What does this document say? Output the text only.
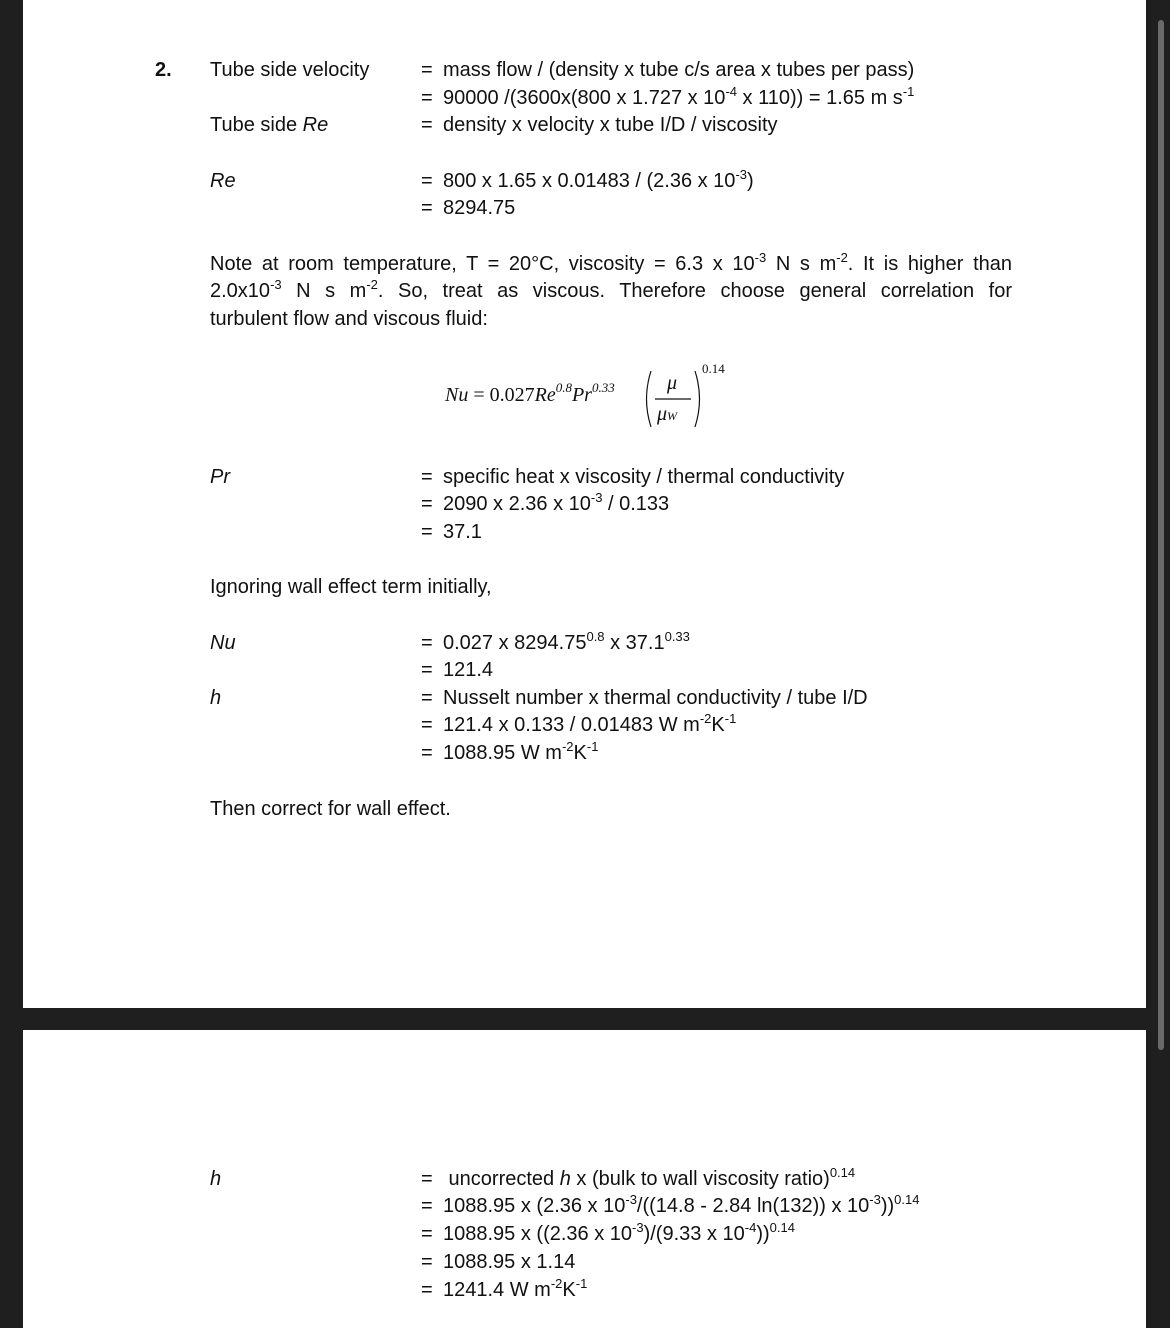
2. Tube side velocity	= mass flow / (density x tube c/s area x tubes per pass)
= 90000 /(3600x(800 x 1.727 x $10^{-4}$ x 110)) = 1.65 m $s^{-1}$
Tube side Re	= density x velocity x tube I/D / viscosity
Re	= 800 x 1.65 x 0.01483 / (2.36 x $10^{-3}$)
= 8294.75
Note at room temperature, T = 20°C, viscosity = 6.3 x $10^{-3}$ N s $m^{-2}$. It is higher than
$2.0x10^{-3}$ N s $m^{-2}$. So, treat as viscous. Therefore choose general correlation for
turbulent flow and viscous fluid:
$Nu = 0.027Re^{0.8}Pr^{0.33}$	μ
μW
0.14
Pr	= specific heat x viscosity / thermal conductivity
= 2090 x 2.36 x $10^{-3} / 0.133$
= 37.1
Ignoring wall effect term initially,
Nu	= 0.027 x $8294.75^{0.8}$ x $37.1^{0.33}$
= 121.4
h	= Nusselt number x thermal conductivity / tube I/D
= 121.4 x 0.133 / 0.01483 W $m^{-2}K^{-1}$
= 1088.95 W $m^{-2}K^{-1}$
Then correct for wall effect.
h	= uncorrected h x (bulk to wall viscosity ratio)$^{0.14}$
= 1088.95 x (2.36 x $10^{-3}/((14.8 - 2.84$ ln(132)) x $10^{-3}))^{0.14}$
= 1088.95 x ((2.36 x $10^{-3})/(9.33$ x $10^{-4}))^{0.14}$
= 1088.95 x 1.14
= 1241.4 W $m^{-2}K^{-1}$
